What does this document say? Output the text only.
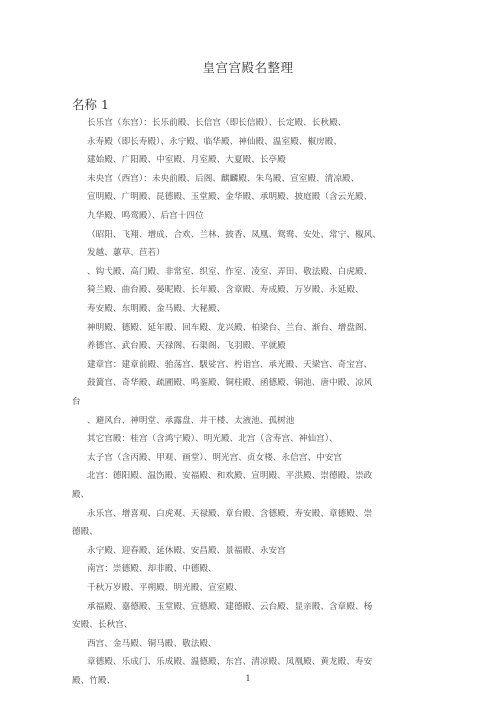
皇宫宫殿名整理
名称 1
长乐宫（东宫）：长乐前殿、长信宫（即长信殿）、长定殿、长秋殿、
永寿殿（即长寿殿）、永宁殿、临华殿、神仙殿、温室殿、椒房殿、
建始殿、广阳殿、中室殿、月室殿、大夏殿、长亭殿
未央宫（西宫）：未央前殿、后阁、麒麟殿、朱鸟殿、宣室殿、清凉殿、
宣明殿、广明殿、昆德殿、玉堂殿、金华殿、承明殿、披庭殿（含云光殿、
九华殿、鸣鸾殿）、后宫十四位
（昭阳、飞翔、增成、合欢、兰林、披香、凤凰、鸳鸯、安处、常宁、椒风、
发越、蕙草、苣若）
、钩弋殿、高门殿、非常室、织室、作室、凌室、弄田、敬法殿、白虎殿、
猗兰殿、曲台殿、晏昵殿、长年殿、含章殿、寿成殿、万岁殿、永延殿、
寿安殿、东明殿、金马殿、大秘殿、
神明殿、德殿、延年殿、回车殿、龙兴殿、柏梁台、兰台、渐台、增盘阁、
养德宫、武台殿、天禄阁、石渠阁、飞羽殿、平就殿
建章宫：建章前殿、骀荡宫、馺娑宫、枍诣宫、承光殿、天梁宫、奇宝宫、
鼓簧宫、奇华殿、疏圃殿、鸣銮殿、铜柱殿、函德殿、铜池、唐中殿、凉风
台
、避风台、神明堂、承露盘、井干楼、太液池、孤树池
其它宫殿：桂宫（含鸿宁殿）、明光殿、北宫（含寿宫、神仙宫）、
太子宫（含丙殿、甲观、画堂）、明光宫、贞女楼、永信宫、中安宫
北宫：德阳殿、温饬殿、安福殿、和欢殿、宣明殿、平洪殿、崇德殿、崇政
殿、
永乐宫、增喜观、白虎观、天禄殿、章台殿、含德殿、寿安殿、章德殿、崇
德殿、
永宁殿、迎春殿、延休殿、安昌殿、景福殿、永安宫
南宫：崇德殿、却非殿、中德殿、
千秋万岁殿、平朔殿、明光殿、宣室殿、
承福殿、嘉德殿、玉堂殿、宣德殿、建德殿、云台殿、显亲殿、含章殿、杨
安殿、长秋宫、
西宫、金马殿、铜马殿、敬法殿、
章德殿、乐成门、乐成殿、温德殿、东宫、清凉殿、凤凰殿、黄龙殿、寿安
殿、竹殿、	1
